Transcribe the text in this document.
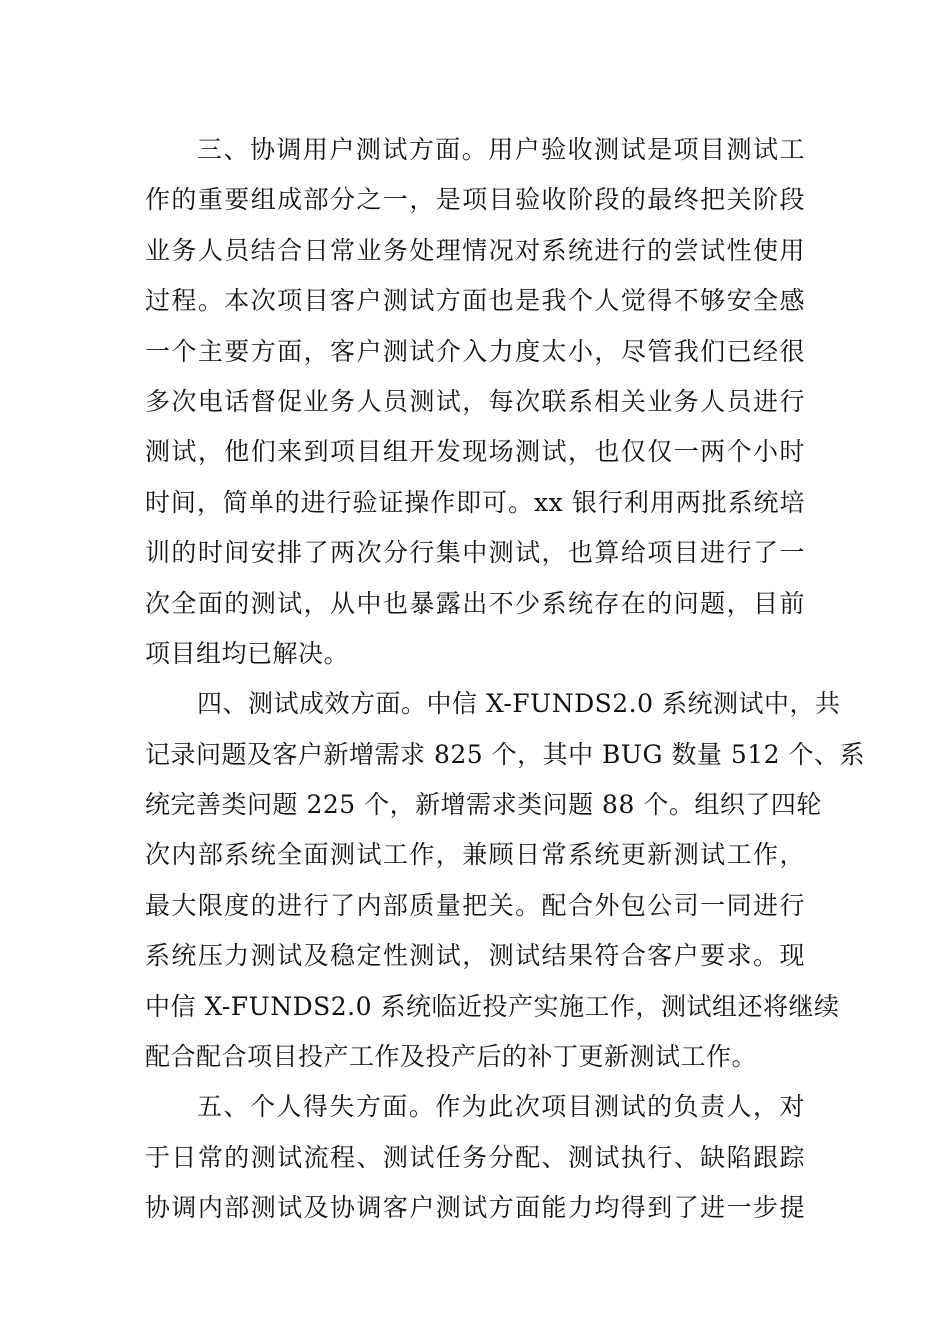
三、协调用户测试方面。用户验收测试是项目测试工
作的重要组成部分之一，是项目验收阶段的最终把关阶段
业务人员结合日常业务处理情况对系统进行的尝试性使用
过程。本次项目客户测试方面也是我个人觉得不够安全感
一个主要方面，客户测试介入力度太小，尽管我们已经很
多次电话督促业务人员测试，每次联系相关业务人员进行
测试，他们来到项目组开发现场测试，也仅仅一两个小时
时间，简单的进行验证操作即可。xx 银行利用两批系统培
训的时间安排了两次分行集中测试，也算给项目进行了一
次全面的测试，从中也暴露出不少系统存在的问题，目前
项目组均已解决。
四、测试成效方面。中信 X-FUNDS2.0 系统测试中，共
记录问题及客户新增需求 825 个，其中 BUG 数量 512 个、系
统完善类问题 225 个，新增需求类问题 88 个。组织了四轮
次内部系统全面测试工作，兼顾日常系统更新测试工作，
最大限度的进行了内部质量把关。配合外包公司一同进行
系统压力测试及稳定性测试，测试结果符合客户要求。现
中信 X-FUNDS2.0 系统临近投产实施工作，测试组还将继续
配合配合项目投产工作及投产后的补丁更新测试工作。
五、个人得失方面。作为此次项目测试的负责人，对
于日常的测试流程、测试任务分配、测试执行、缺陷跟踪
协调内部测试及协调客户测试方面能力均得到了进一步提
